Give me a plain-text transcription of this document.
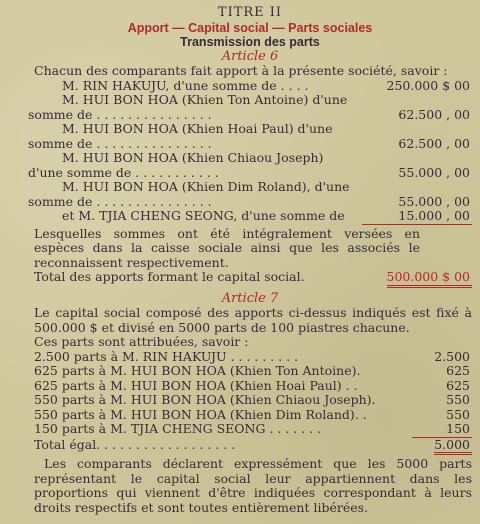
TITRE II
Apport — Capital social — Parts sociales
Transmission des parts
Article 6
Chacun des comparants fait apport à la présente société, savoir :
M. RIN HAKUJU, d'une somme de . . . .	250.000 $ 00
M. HUI BON HOA (Khien Ton Antoine) d'une
somme de . . . . . . . . . . . . . . .	62.500 , 00
M. HUI BON HOA (Khien Hoai Paul) d'une
somme de . . . . . . . . . . . . . . .	62.500 , 00
M. HUI BON HOA (Khien Chiaou Joseph)
d'une somme de . . . . . . . . . . .	55.000 , 00
M. HUI BON HOA (Khien Dim Roland), d'une
somme de . . . . . . . . . . . . . . .	55.000 , 00
et M. TJIA CHENG SEONG, d'une somme de	15.000 , 00
Lesquelles sommes ont été intégralement versées en espèces dans la caisse sociale ainsi que les associés le reconnaissent respectivement.
Total des apports formant le capital social.	500.000 $ 00
Article 7
Le capital social composé des apports ci-dessus indiqués est fixé à 500.000 $ et divisé en 5000 parts de 100 piastres chacune.
Ces parts sont attribuées, savoir :
2.500 parts à M. RIN HAKUJU . . . . . . . . .	2.500
625 parts à M. HUI BON HOA (Khien Ton Antoine).	625
625 parts à M. HUI BON HOA (Khien Hoai Paul) . .	625
550 parts à M. HUI BON HOA (Khien Chiaou Joseph).	550
550 parts à M. HUI BON HOA (Khien Dim Roland). .	550
150 parts à M. TJIA CHENG SEONG . . . . . . .	150
Total égal. . . . . . . . . . . . . . . . . .	5.000
Les comparants déclarent expressément que les 5000 parts représentant le capital social leur appartiennent dans les proportions qui viennent d'être indiquées correspondant à leurs droits respectifs et sont toutes entièrement libérées.
